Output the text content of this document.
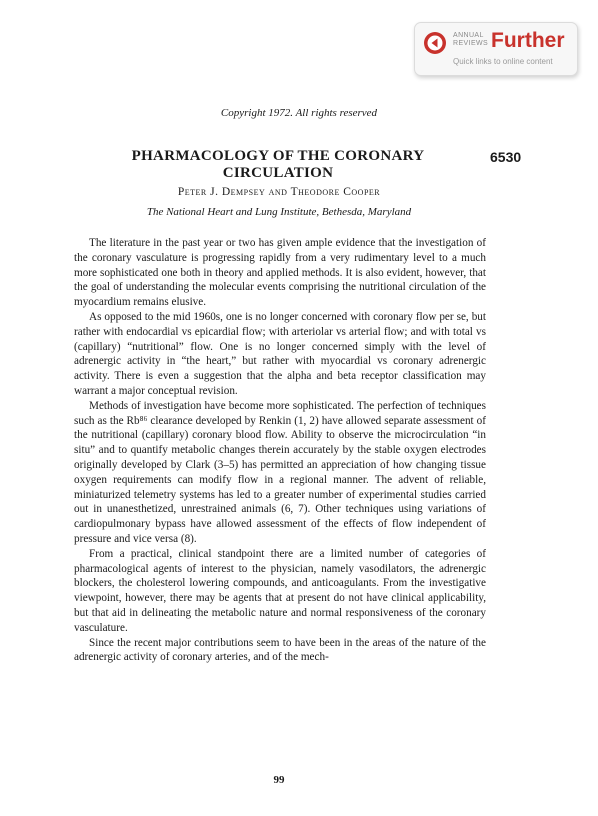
ANNUAL
REVIEWS Further
Quick links to online content
Copyright 1972. All rights reserved
PHARMACOLOGY OF THE CORONARY CIRCULATION
6530
Peter J. Dempsey and Theodore Cooper
The National Heart and Lung Institute, Bethesda, Maryland

The literature in the past year or two has given ample evidence that the investigation of the coronary vasculature is progressing rapidly from a very rudimentary level to a much more sophisticated one both in theory and applied methods. It is also evident, however, that the goal of understanding the molecular events comprising the nutritional circulation of the myocardium remains elusive.

As opposed to the mid 1960s, one is no longer concerned with coronary flow per se, but rather with endocardial vs epicardial flow; with arteriolar vs arterial flow; and with total vs (capillary) “nutritional” flow. One is no longer concerned simply with the level of adrenergic activity in “the heart,” but rather with myocardial vs coronary adrenergic activity. There is even a suggestion that the alpha and beta receptor classification may warrant a major conceptual revision.

Methods of investigation have become more sophisticated. The perfection of techniques such as the Rb⁸⁶ clearance developed by Renkin (1, 2) have allowed separate assessment of the nutritional (capillary) coronary blood flow. Ability to observe the microcirculation “in situ” and to quantify metabolic changes therein accurately by the stable oxygen electrodes originally developed by Clark (3–5) has permitted an appreciation of how changing tissue oxygen requirements can modify flow in a regional manner. The advent of reliable, miniaturized telemetry systems has led to a greater number of experimental studies carried out in unanesthetized, unrestrained animals (6, 7). Other techniques using variations of cardiopulmonary bypass have allowed assessment of the effects of flow independent of pressure and vice versa (8).

From a practical, clinical standpoint there are a limited number of categories of pharmacological agents of interest to the physician, namely vasodilators, the adrenergic blockers, the cholesterol lowering compounds, and anticoagulants. From the investigative viewpoint, however, there may be agents that at present do not have clinical applicability, but that aid in delineating the metabolic nature and normal responsiveness of the coronary vasculature.

Since the recent major contributions seem to have been in the areas of the nature of the adrenergic activity of coronary arteries, and of the mech-

99
